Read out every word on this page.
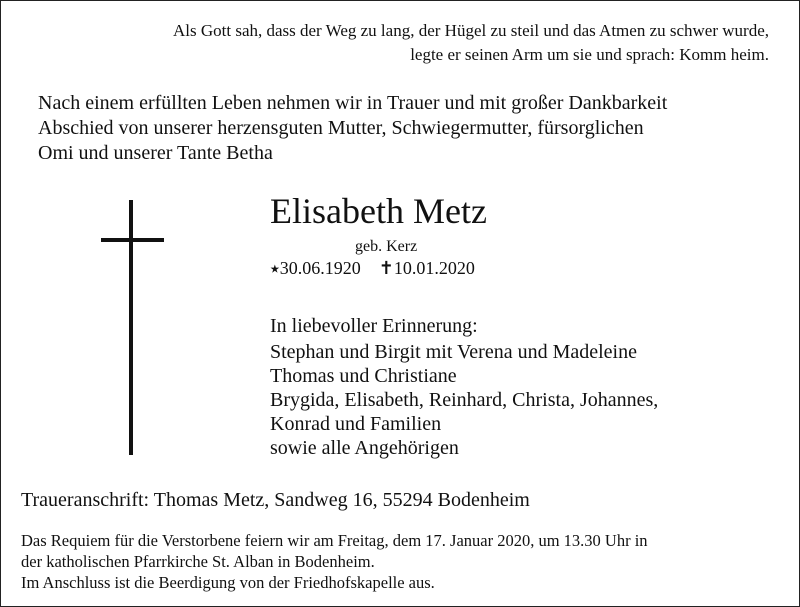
Als Gott sah, dass der Weg zu lang, der Hügel zu steil und das Atmen zu schwer wurde,
legte er seinen Arm um sie und sprach: Komm heim.
Nach einem erfüllten Leben nehmen wir in Trauer und mit großer Dankbarkeit
Abschied von unserer herzensguten Mutter, Schwiegermutter, fürsorglichen
Omi und unserer Tante Betha
Elisabeth Metz
geb. Kerz
⭑30.06.1920 ✝10.01.2020
In liebevoller Erinnerung:
Stephan und Birgit mit Verena und Madeleine
Thomas und Christiane
Brygida, Elisabeth, Reinhard, Christa, Johannes,
Konrad und Familien
sowie alle Angehörigen
Traueranschrift: Thomas Metz, Sandweg 16, 55294 Bodenheim
Das Requiem für die Verstorbene feiern wir am Freitag, dem 17. Januar 2020, um 13.30 Uhr in
der katholischen Pfarrkirche St. Alban in Bodenheim.
Im Anschluss ist die Beerdigung von der Friedhofskapelle aus.
